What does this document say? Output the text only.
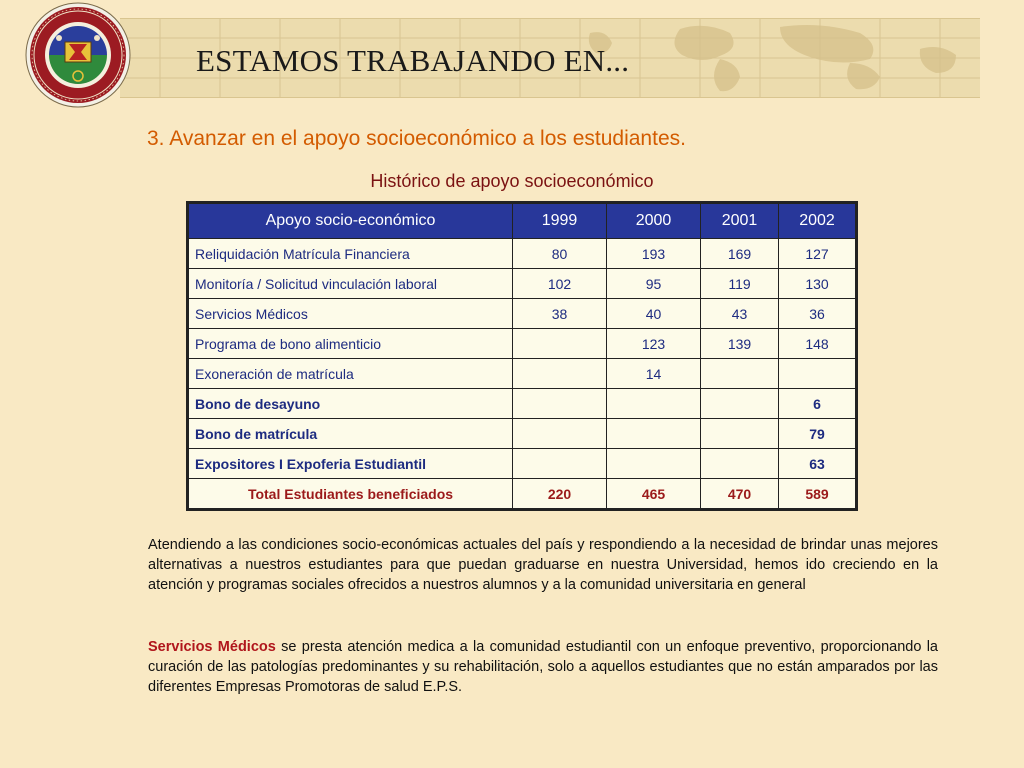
ESTAMOS TRABAJANDO EN...
3. Avanzar en el apoyo socioeconómico a los estudiantes.
Histórico de apoyo socioeconómico
Apoyo socio-económico	1999	2000	2001	2002
Reliquidación Matrícula Financiera	80	193	169	127
Monitoría / Solicitud vinculación laboral	102	95	119	130
Servicios Médicos	38	40	43	36
Programa de bono alimenticio		123	139	148
Exoneración de matrícula		14		
Bono de desayuno				6
Bono de matrícula				79
Expositores I Expoferia Estudiantil				63
Total Estudiantes beneficiados	220	465	470	589

Atendiendo a las condiciones socio-económicas actuales del país y respondiendo a la necesidad de brindar unas mejores alternativas a nuestros estudiantes para que puedan graduarse en nuestra Universidad, hemos ido creciendo en la atención y programas sociales ofrecidos a nuestros alumnos y a la comunidad universitaria en general

Servicios Médicos se presta atención medica a la comunidad estudiantil con un enfoque preventivo, proporcionando la curación de las patologías predominantes y su rehabilitación, solo a aquellos estudiantes que no están amparados por las diferentes Empresas Promotoras de salud E.P.S.
